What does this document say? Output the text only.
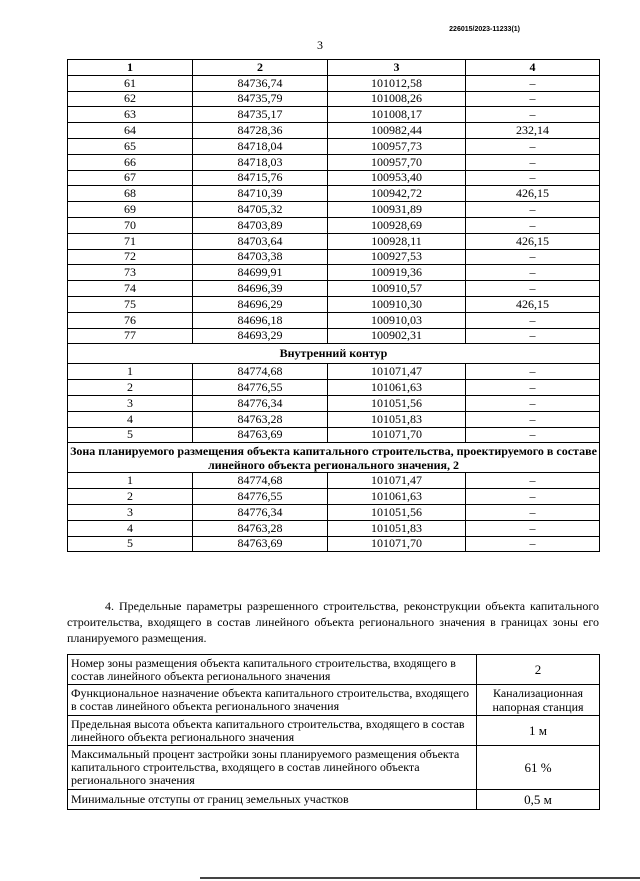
226015/2023-11233(1)
3
1	2	3	4
61	84736,74	101012,58	–
62	84735,79	101008,26	–
63	84735,17	101008,17	–
64	84728,36	100982,44	232,14
65	84718,04	100957,73	–
66	84718,03	100957,70	–
67	84715,76	100953,40	–
68	84710,39	100942,72	426,15
69	84705,32	100931,89	–
70	84703,89	100928,69	–
71	84703,64	100928,11	426,15
72	84703,38	100927,53	–
73	84699,91	100919,36	–
74	84696,39	100910,57	–
75	84696,29	100910,30	426,15
76	84696,18	100910,03	–
77	84693,29	100902,31	–
Внутренний контур			
1	84774,68	101071,47	–
2	84776,55	101061,63	–
3	84776,34	101051,56	–
4	84763,28	101051,83	–
5	84763,69	101071,70	–
Зона планируемого размещения объекта капитального строительства, проектируемого в составе линейного объекта регионального значения, 2			
1	84774,68	101071,47	–
2	84776,55	101061,63	–
3	84776,34	101051,56	–
4	84763,28	101051,83	–
5	84763,69	101071,70	–
4. Предельные параметры разрешенного строительства, реконструкции объекта капитального строительства, входящего в состав линейного объекта регионального значения в границах зоны его планируемого размещения.
Номер зоны размещения объекта капитального строительства, входящего в состав линейного объекта регионального значения	2
Функциональное назначение объекта капитального строительства, входящего в состав линейного объекта регионального значения	Канализационная напорная станция
Предельная высота объекта капитального строительства, входящего в состав линейного объекта регионального значения	1 м
Максимальный процент застройки зоны планируемого размещения объекта капитального строительства, входящего в состав линейного объекта регионального значения	61 %
Минимальные отступы от границ земельных участков	0,5 м
